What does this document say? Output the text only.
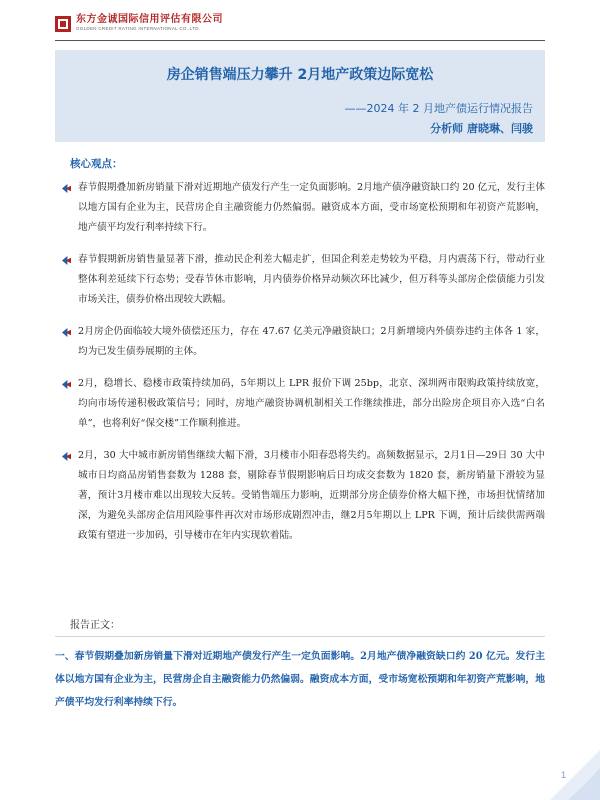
东方金诚国际信用评估有限公司
GOLDEN CREDIT RATING INTERNATIONAL CO.,LTD.
房企销售端压力攀升 2月地产政策边际宽松
——2024 年 2 月地产债运行情况报告
分析师 唐晓琳、闫骏
核心观点：
春节假期叠加新房销量下滑对近期地产债发行产生一定负面影响。2月地产债净融资缺口约 20 亿元，发行主体以地方国有企业为主，民营房企自主融资能力仍然偏弱。融资成本方面，受市场宽松预期和年初资产荒影响，地产债平均发行利率持续下行。
春节假期新房销售量显著下滑，推动民企利差大幅走扩，但国企利差走势较为平稳，月内震荡下行，带动行业整体利差延续下行态势；受春节休市影响，月内债券价格异动频次环比减少，但万科等头部房企偿债能力引发市场关注，债券价格出现较大跌幅。
2月房企仍面临较大境外债偿还压力，存在 47.67 亿美元净融资缺口；2月新增境内外债券违约主体各 1 家，均为已发生债券展期的主体。
2月，稳增长、稳楼市政策持续加码，5年期以上 LPR 报价下调 25bp，北京、深圳两市限购政策持续放宽，均向市场传递积极政策信号；同时，房地产融资协调机制相关工作继续推进，部分出险房企项目亦入选“白名单”，也将利好“保交楼”工作顺利推进。
2月，30 大中城市新房销售继续大幅下滑，3月楼市小阳春恐将失约。高频数据显示，2月1日—29日 30 大中城市日均商品房销售套数为 1288 套，剔除春节假期影响后日均成交套数为 1820 套，新房销量下滑较为显著，预计3月楼市难以出现较大反转。受销售端压力影响，近期部分房企债券价格大幅下挫，市场担忧情绪加深，为避免头部房企信用风险事件再次对市场形成剧烈冲击，继2月5年期以上 LPR 下调，预计后续供需两端政策有望进一步加码，引导楼市在年内实现软着陆。
报告正文：
一、春节假期叠加新房销量下滑对近期地产债发行产生一定负面影响。2月地产债净融资缺口约 20 亿元。发行主体以地方国有企业为主，民营房企自主融资能力仍然偏弱。融资成本方面，受市场宽松预期和年初资产荒影响，地产债平均发行利率持续下行。
1
